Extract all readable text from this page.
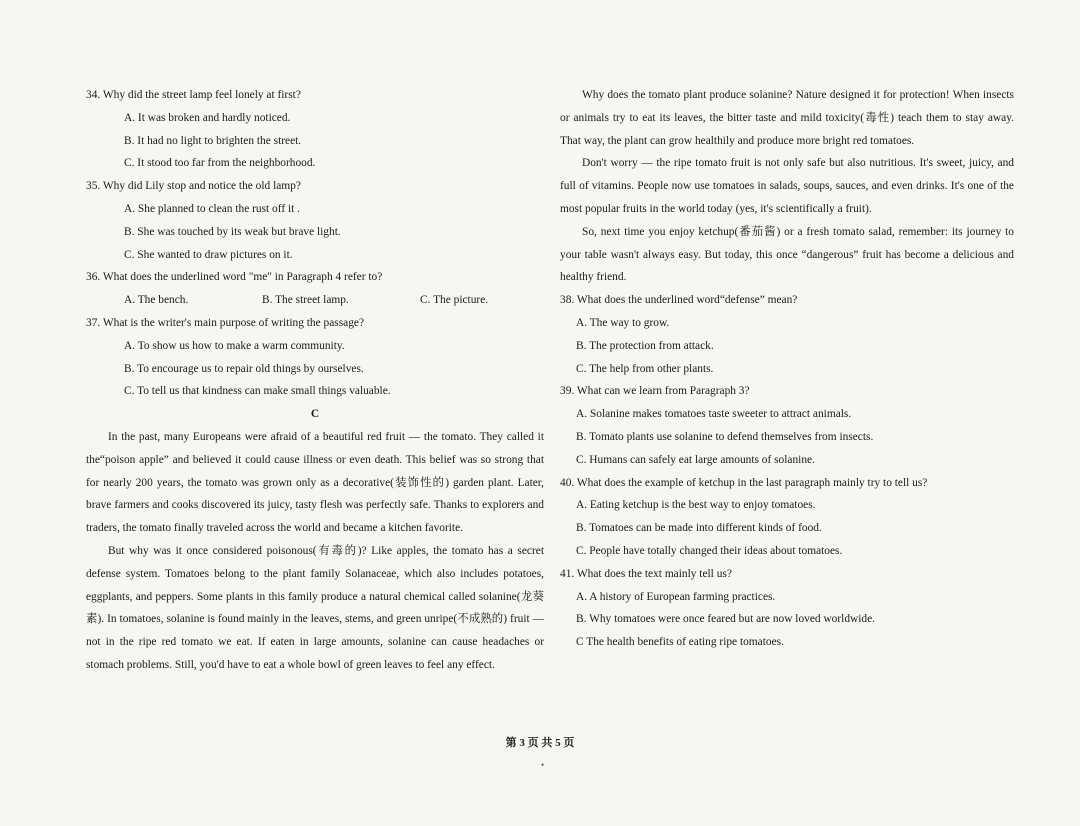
34. Why did the street lamp feel lonely at first?

A. It was broken and hardly noticed.

B. It had no light to brighten the street.

C. It stood too far from the neighborhood.

35. Why did Lily stop and notice the old lamp?

A. She planned to clean the rust off it .

B. She was touched by its weak but brave light.

C. She wanted to draw pictures on it.

36. What does the underlined word "me" in Paragraph 4 refer to?

A. The bench.	B. The street lamp.	C. The picture.

37. What is the writer's main purpose of writing the passage?

A. To show us how to make a warm community.

B. To encourage us to repair old things by ourselves.

C. To tell us that kindness can make small things valuable.

C

In the past, many Europeans were afraid of a beautiful red fruit — the tomato. They called it the“poison apple” and believed it could cause illness or even death. This belief was so strong that for nearly 200 years, the tomato was grown only as a decorative(装饰性的) garden plant. Later, brave farmers and cooks discovered its juicy, tasty flesh was perfectly safe. Thanks to explorers and traders, the tomato finally traveled across the world and became a kitchen favorite.

But why was it once considered poisonous(有毒的)? Like apples, the tomato has a secret defense system. Tomatoes belong to the plant family Solanaceae, which also includes potatoes, eggplants, and peppers. Some plants in this family produce a natural chemical called solanine(龙葵素). In tomatoes, solanine is found mainly in the leaves, stems, and green unripe(不成熟的) fruit — not in the ripe red tomato we eat. If eaten in large amounts, solanine can cause headaches or stomach problems. Still, you'd have to eat a whole bowl of green leaves to feel any effect.

Why does the tomato plant produce solanine? Nature designed it for protection! When insects or animals try to eat its leaves, the bitter taste and mild toxicity(毒性) teach them to stay away. That way, the plant can grow healthily and produce more bright red tomatoes.

Don't worry — the ripe tomato fruit is not only safe but also nutritious. It's sweet, juicy, and full of vitamins. People now use tomatoes in salads, soups, sauces, and even drinks. It's one of the most popular fruits in the world today (yes, it's scientifically a fruit).

So, next time you enjoy ketchup(番茄酱) or a fresh tomato salad, remember: its journey to your table wasn't always easy. But today, this once “dangerous” fruit has become a delicious and healthy friend.

38. What does the underlined word“defense” mean?

A. The way to grow.

B. The protection from attack.

C. The help from other plants.

39. What can we learn from Paragraph 3?

A. Solanine makes tomatoes taste sweeter to attract animals.

B. Tomato plants use solanine to defend themselves from insects.

C. Humans can safely eat large amounts of solanine.

40. What does the example of ketchup in the last paragraph mainly try to tell us?

A. Eating ketchup is the best way to enjoy tomatoes.

B. Tomatoes can be made into different kinds of food.

C. People have totally changed their ideas about tomatoes.

41. What does the text mainly tell us?

A. A history of European farming practices.

B. Why tomatoes were once feared but are now loved worldwide.

C The health benefits of eating ripe tomatoes.

第 3 页 共 5 页
•
